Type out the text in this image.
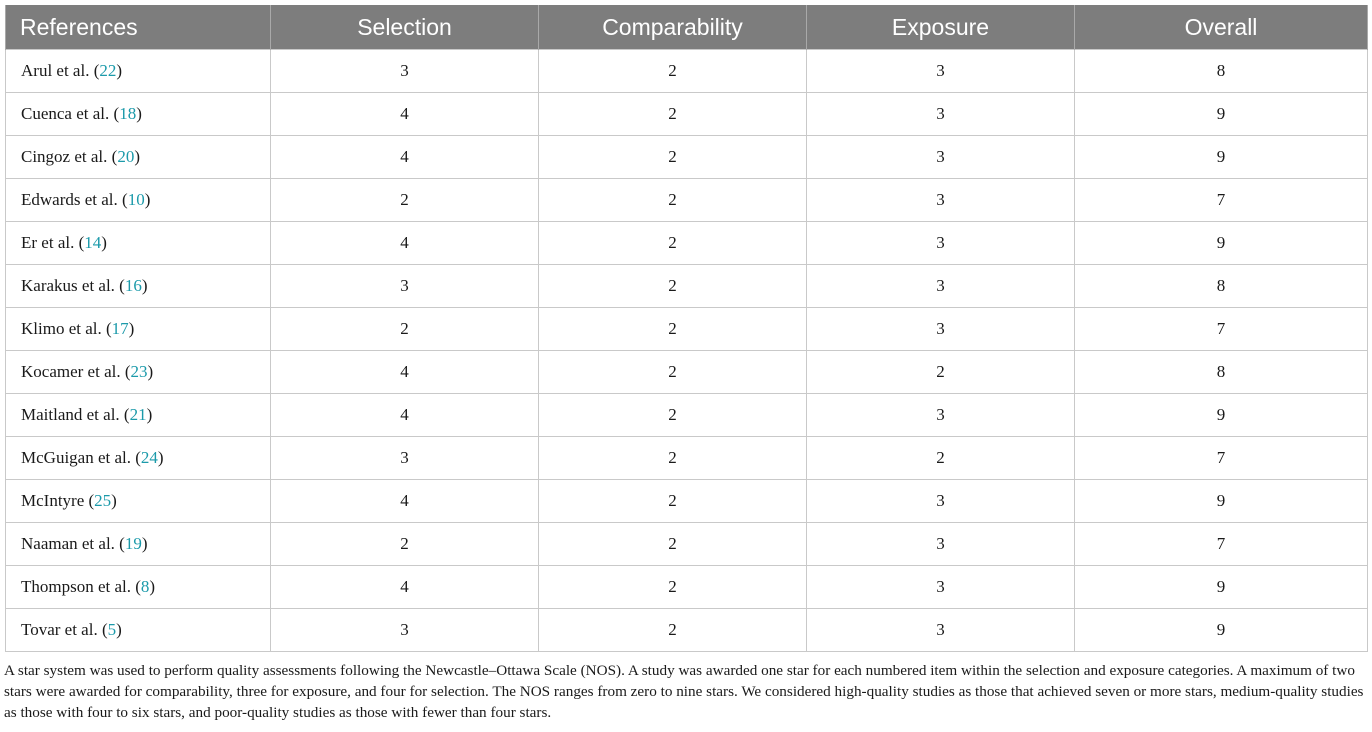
References	Selection	Comparability	Exposure	Overall
Arul et al. (22)	3	2	3	8
Cuenca et al. (18)	4	2	3	9
Cingoz et al. (20)	4	2	3	9
Edwards et al. (10)	2	2	3	7
Er et al. (14)	4	2	3	9
Karakus et al. (16)	3	2	3	8
Klimo et al. (17)	2	2	3	7
Kocamer et al. (23)	4	2	2	8
Maitland et al. (21)	4	2	3	9
McGuigan et al. (24)	3	2	2	7
McIntyre (25)	4	2	3	9
Naaman et al. (19)	2	2	3	7
Thompson et al. (8)	4	2	3	9
Tovar et al. (5)	3	2	3	9

A star system was used to perform quality assessments following the Newcastle–Ottawa Scale (NOS). A study was awarded one star for each numbered item within the selection and exposure categories. A maximum of two stars were awarded for comparability, three for exposure, and four for selection. The NOS ranges from zero to nine stars. We considered high-quality studies as those that achieved seven or more stars, medium-quality studies as those with four to six stars, and poor-quality studies as those with fewer than four stars.
